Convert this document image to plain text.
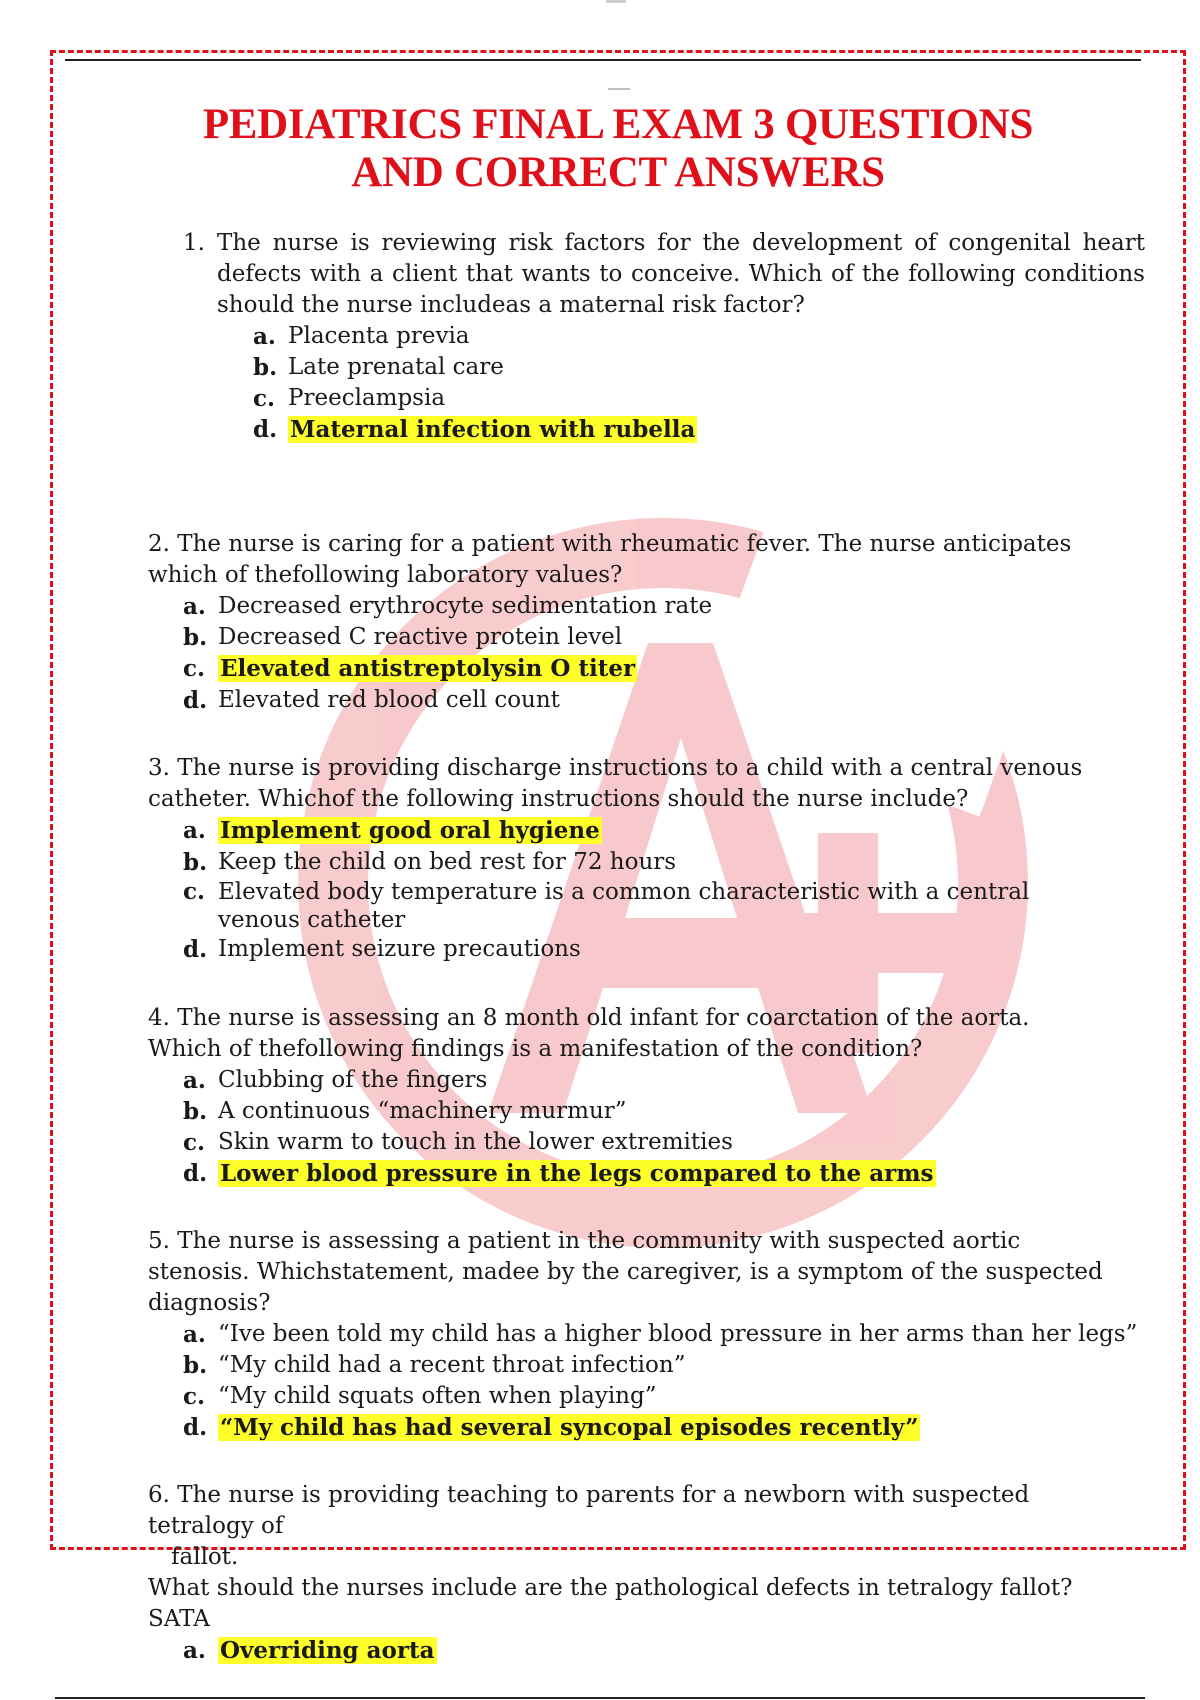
PEDIATRICS FINAL EXAM 3 QUESTIONS
AND CORRECT ANSWERS
1. The nurse is reviewing risk factors for the development of congenital heart defects with a client that wants to conceive. Which of the following conditions should the nurse includeas a maternal risk factor?
a. Placenta previa
b. Late prenatal care
c. Preeclampsia
d. Maternal infection with rubella
2. The nurse is caring for a patient with rheumatic fever. The nurse anticipates
which of thefollowing laboratory values?
a. Decreased erythrocyte sedimentation rate
b. Decreased C reactive protein level
c. Elevated antistreptolysin O titer
d. Elevated red blood cell count
3. The nurse is providing discharge instructions to a child with a central venous
catheter. Whichof the following instructions should the nurse include?
a. Implement good oral hygiene
b. Keep the child on bed rest for 72 hours
c. Elevated body temperature is a common characteristic with a central venous catheter
d. Implement seizure precautions
4. The nurse is assessing an 8 month old infant for coarctation of the aorta.
Which of thefollowing findings is a manifestation of the condition?
a. Clubbing of the fingers
b. A continuous “machinery murmur”
c. Skin warm to touch in the lower extremities
d. Lower blood pressure in the legs compared to the arms
5. The nurse is assessing a patient in the community with suspected aortic
stenosis. Whichstatement, madee by the caregiver, is a symptom of the suspected
diagnosis?
a. “Ive been told my child has a higher blood pressure in her arms than her legs”
b. “My child had a recent throat infection”
c. “My child squats often when playing”
d. “My child has had several syncopal episodes recently”
6. The nurse is providing teaching to parents for a newborn with suspected tetralogy of
fallot.
What should the nurses include are the pathological defects in tetralogy fallot? SATA
a. Overriding aorta
